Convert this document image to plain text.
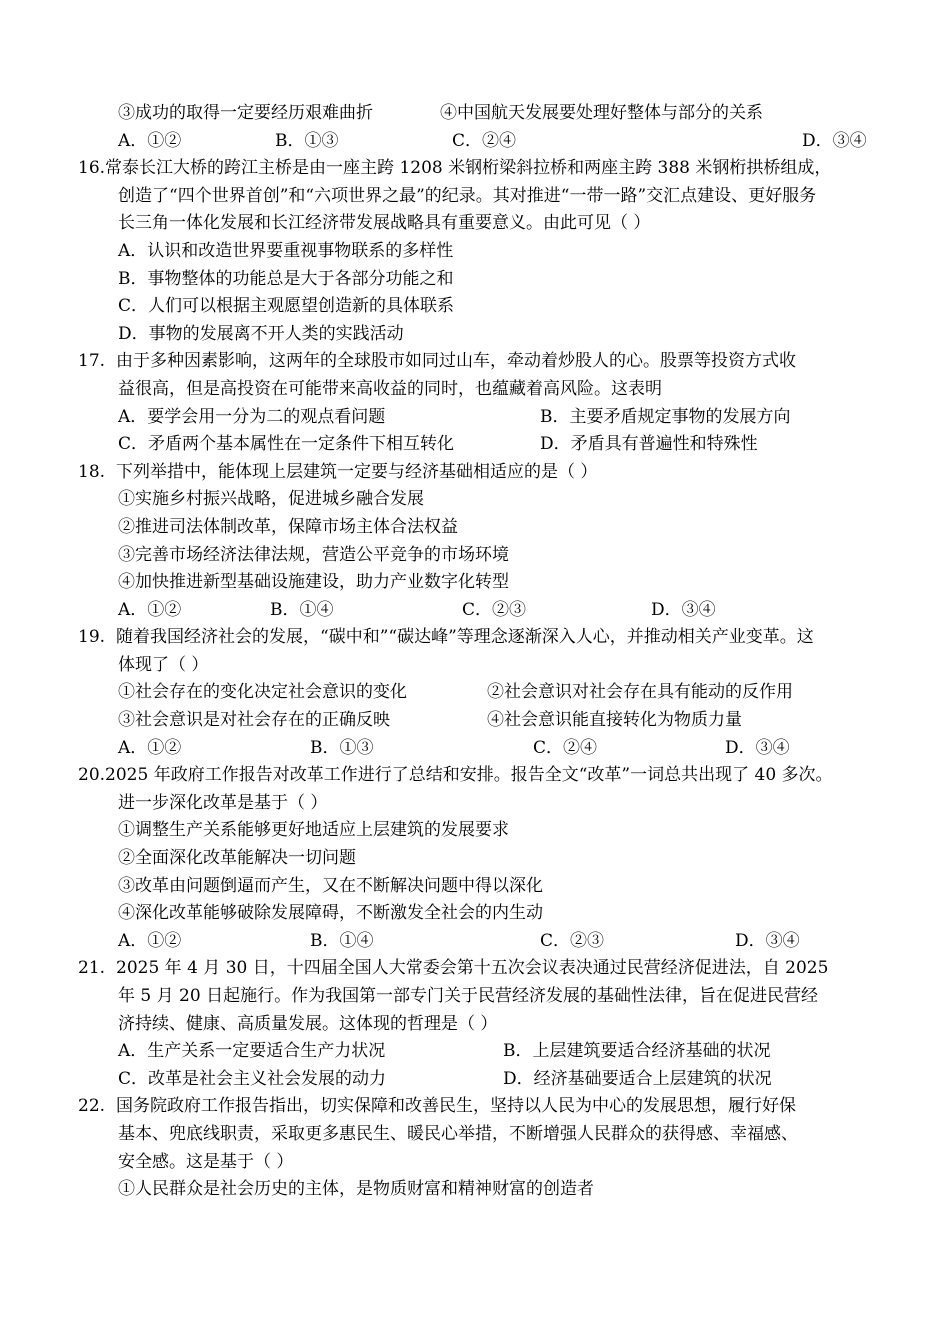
③成功的取得一定要经历艰难曲折	④中国航天发展要处理好整体与部分的关系
A．①②	B．①③	C．②④	D．③④
16.常泰长江大桥的跨江主桥是由一座主跨 1208 米钢桁梁斜拉桥和两座主跨 388 米钢桁拱桥组成，
创造了“四个世界首创”和“六项世界之最”的纪录。其对推进“一带一路”交汇点建设、更好服务
长三角一体化发展和长江经济带发展战略具有重要意义。由此可见（ ）
A．认识和改造世界要重视事物联系的多样性
B．事物整体的功能总是大于各部分功能之和
C．人们可以根据主观愿望创造新的具体联系
D．事物的发展离不开人类的实践活动
17. 由于多种因素影响，这两年的全球股市如同过山车，牵动着炒股人的心。股票等投资方式收
益很高，但是高投资在可能带来高收益的同时，也蕴藏着高风险。这表明
A．要学会用一分为二的观点看问题	B．主要矛盾规定事物的发展方向
C．矛盾两个基本属性在一定条件下相互转化	D．矛盾具有普遍性和特殊性
18. 下列举措中，能体现上层建筑一定要与经济基础相适应的是（ ）
①实施乡村振兴战略，促进城乡融合发展
②推进司法体制改革，保障市场主体合法权益
③完善市场经济法律法规，营造公平竞争的市场环境
④加快推进新型基础设施建设，助力产业数字化转型
A．①②	B．①④	C．②③	D．③④
19. 随着我国经济社会的发展，“碳中和”“碳达峰”等理念逐渐深入人心，并推动相关产业变革。这
体现了（ ）
①社会存在的变化决定社会意识的变化	②社会意识对社会存在具有能动的反作用
③社会意识是对社会存在的正确反映	④社会意识能直接转化为物质力量
A．①②	B．①③	C．②④	D．③④
20.2025 年政府工作报告对改革工作进行了总结和安排。报告全文“改革”一词总共出现了 40 多次。
进一步深化改革是基于（ ）
①调整生产关系能够更好地适应上层建筑的发展要求
②全面深化改革能解决一切问题
③改革由问题倒逼而产生，又在不断解决问题中得以深化
④深化改革能够破除发展障碍，不断激发全社会的内生动
A．①②	B．①④	C．②③	D．③④
21. 2025 年 4 月 30 日，十四届全国人大常委会第十五次会议表决通过民营经济促进法，自 2025
年 5 月 20 日起施行。作为我国第一部专门关于民营经济发展的基础性法律，旨在促进民营经
济持续、健康、高质量发展。这体现的哲理是（ ）
A．生产关系一定要适合生产力状况	B．上层建筑要适合经济基础的状况
C．改革是社会主义社会发展的动力	D．经济基础要适合上层建筑的状况
22. 国务院政府工作报告指出，切实保障和改善民生，坚持以人民为中心的发展思想，履行好保
基本、兜底线职责，采取更多惠民生、暖民心举措，不断增强人民群众的获得感、幸福感、
安全感。这是基于（ ）
①人民群众是社会历史的主体，是物质财富和精神财富的创造者
